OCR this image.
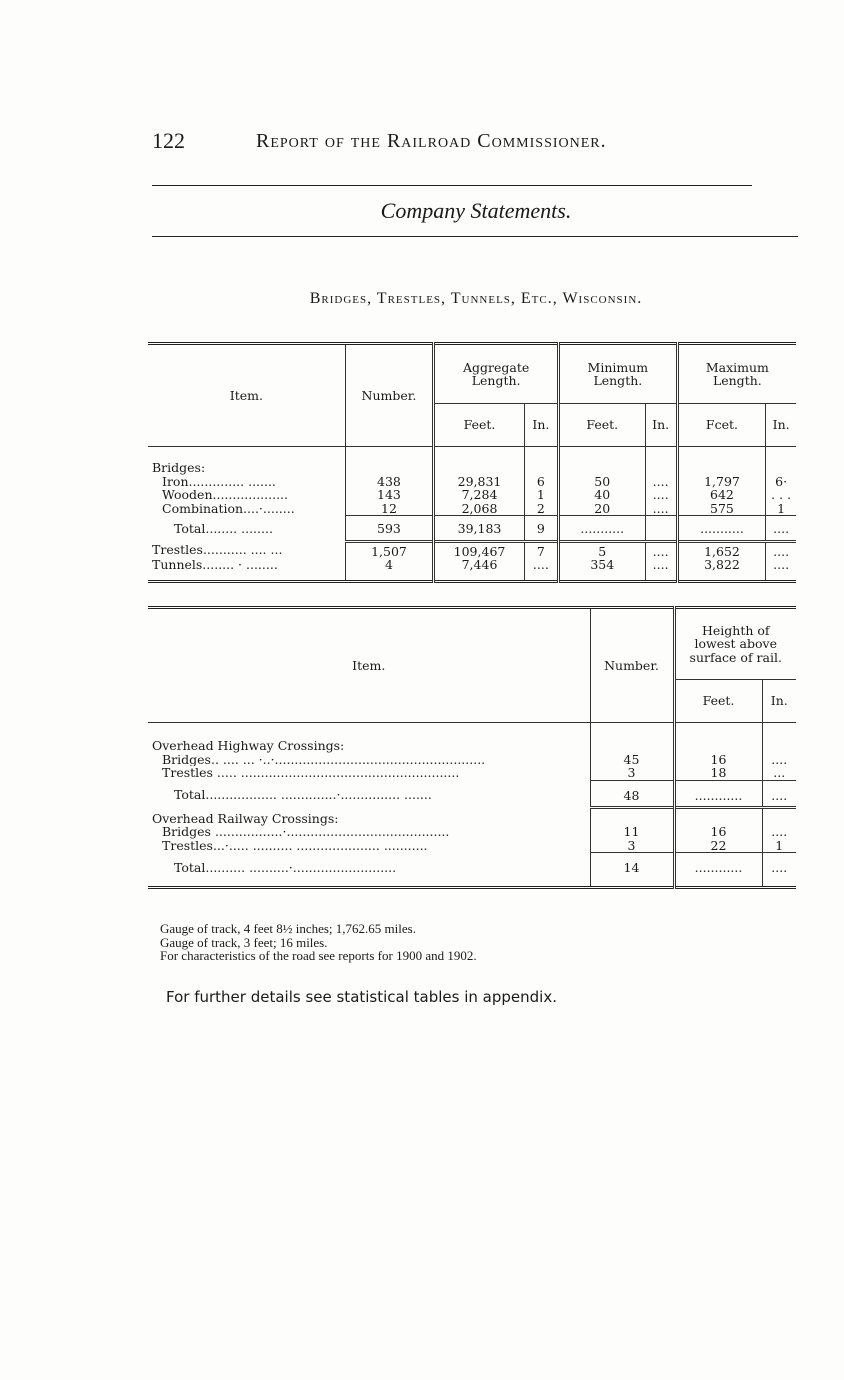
122	Report of the Railroad Commissioner.
Company Statements.
Bridges, Trestles, Tunnels, Etc., Wisconsin.
Item.	Number.	Aggregate Length.		Minimum Length.		Maximum Length.	
		Feet.	In.	Feet.	In.	Fcet.	In.
Bridges:							
Iron.............. .......	438	29,831	6	50	....	1,797	6·
Wooden...................	143	7,284	1	40	....	642	. . .
Combination....·........	12	2,068	2	20	....	575	1
Total........ ........	593	39,183	9	...........		...........	....
Trestles........... .... ...	1,507	109,467	7	5	....	1,652	....
Tunnels........ · ........	4	7,446	....	354	....	3,822	....
Item.	Number.	Heighth of lowest above surface of rail.	
		Feet.	In.
Overhead Highway Crossings:			
Bridges.. .... ... ·..·.....................................................	45	16	....
Trestles ..... .......................................................	3	18	...
Total.................. ..............·............... .......	48	............	....
Overhead Railway Crossings:			
Bridges .................·.........................................	11	16	....
Trestles...·..... .......... ..................... ...........	3	22	1
Total.......... ..........·..........................	14	............	....
Gauge of track, 4 feet 8½ inches; 1,762.65 miles.
Gauge of track, 3 feet; 16 miles.
For characteristics of the road see reports for 1900 and 1902.
For further details see statistical tables in appendix.
